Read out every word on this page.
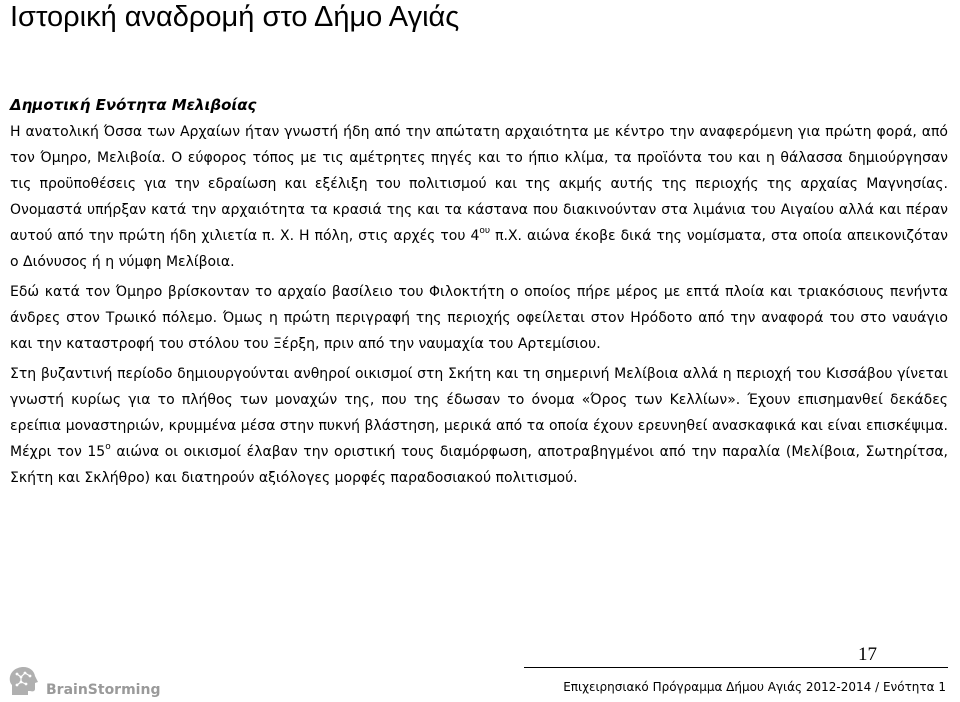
Ιστορική αναδρομή στο Δήμο Αγιάς
Δημοτική Ενότητα Μελιβοίας

Η ανατολική Όσσα των Αρχαίων ήταν γνωστή ήδη από την απώτατη αρχαιότητα με κέντρο την αναφερόμενη για πρώτη φορά, από τον Όμηρο, Μελιβοία. Ο εύφορος τόπος με τις αμέτρητες πηγές και το ήπιο κλίμα, τα προϊόντα του και η θάλασσα δημιούργησαν τις προϋποθέσεις για την εδραίωση και εξέλιξη του πολιτισμού και της ακμής αυτής της περιοχής της αρχαίας Μαγνησίας. Ονομαστά υπήρξαν κατά την αρχαιότητα τα κρασιά της και τα κάστανα που διακινούνταν στα λιμάνια του Αιγαίου αλλά και πέραν αυτού από την πρώτη ήδη χιλιετία π. Χ. Η πόλη, στις αρχές του $4^{o\upsilon}$ π.Χ. αιώνα έκοβε δικά της νομίσματα, στα οποία απεικονιζόταν ο Διόνυσος ή η νύμφη Μελίβοια.

Εδώ κατά τον Όμηρο βρίσκονταν το αρχαίο βασίλειο του Φιλοκτήτη ο οποίος πήρε μέρος με επτά πλοία και τριακόσιους πενήντα άνδρες στον Τρωικό πόλεμο. Όμως η πρώτη περιγραφή της περιοχής οφείλεται στον Ηρόδοτο από την αναφορά του στο ναυάγιο και την καταστροφή του στόλου του Ξέρξη, πριν από την ναυμαχία του Αρτεμίσιου.

Στη βυζαντινή περίοδο δημιουργούνται ανθηροί οικισμοί στη Σκήτη και τη σημερινή Μελίβοια αλλά η περιοχή του Κισσάβου γίνεται γνωστή κυρίως για το πλήθος των μοναχών της, που της έδωσαν το όνομα «Όρος των Κελλίων». Έχουν επισημανθεί δεκάδες ερείπια μοναστηριών, κρυμμένα μέσα στην πυκνή βλάστηση, μερικά από τα οποία έχουν ερευνηθεί ανασκαφικά και είναι επισκέψιμα. Μέχρι τον $15^o$ αιώνα οι οικισμοί έλαβαν την οριστική τους διαμόρφωση, αποτραβηγμένοι από την παραλία (Μελίβοια, Σωτηρίτσα, Σκήτη και Σκλήθρο) και διατηρούν αξιόλογες μορφές παραδοσιακού πολιτισμού.

17
Επιχειρησιακό Πρόγραμμα Δήμου Αγιάς 2012-2014 / Ενότητα 1
BrainStorming
